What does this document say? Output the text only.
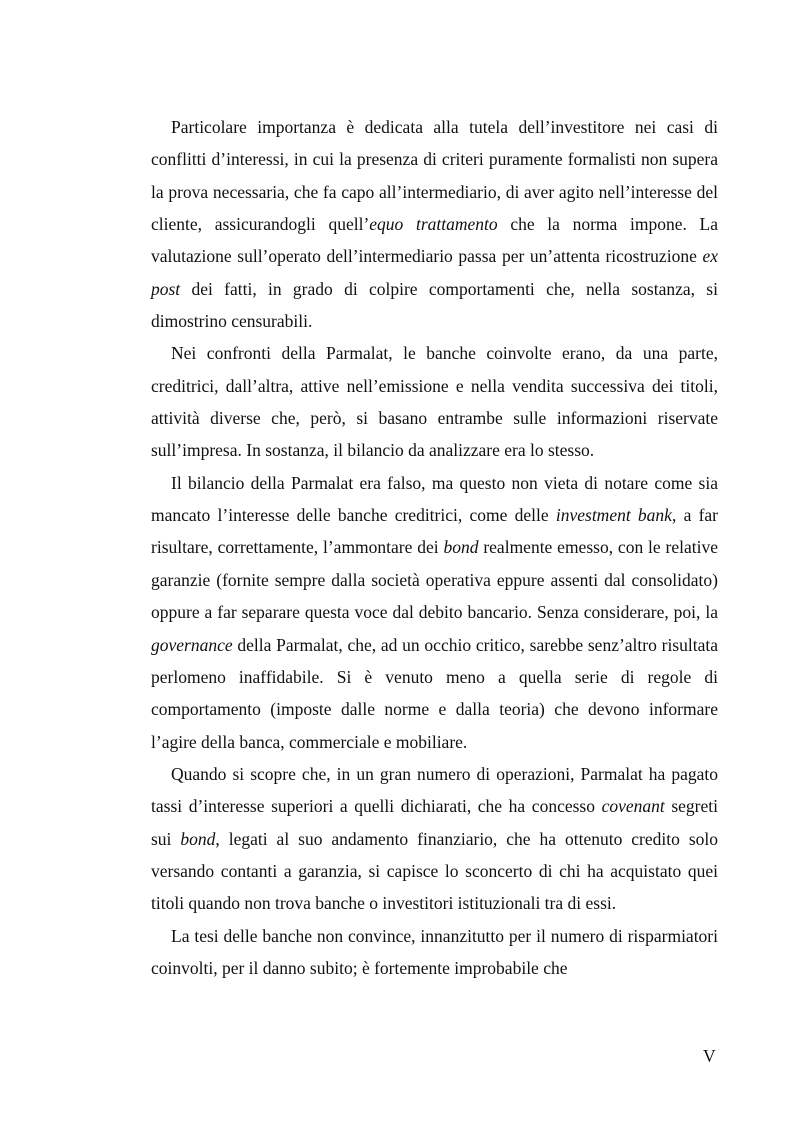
Particolare importanza è dedicata alla tutela dell’investitore nei casi di conflitti d’interessi, in cui la presenza di criteri puramente formalisti non supera la prova necessaria, che fa capo all’intermediario, di aver agito nell’interesse del cliente, assicurandogli quell’equo trattamento che la norma impone. La valutazione sull’operato dell’intermediario passa per un’attenta ricostruzione ex post dei fatti, in grado di colpire comportamenti che, nella sostanza, si dimostrino censurabili.

Nei confronti della Parmalat, le banche coinvolte erano, da una parte, creditrici, dall’altra, attive nell’emissione e nella vendita successiva dei titoli, attività diverse che, però, si basano entrambe sulle informazioni riservate sull’impresa. In sostanza, il bilancio da analizzare era lo stesso.

Il bilancio della Parmalat era falso, ma questo non vieta di notare come sia mancato l’interesse delle banche creditrici, come delle investment bank, a far risultare, correttamente, l’ammontare dei bond realmente emesso, con le relative garanzie (fornite sempre dalla società operativa eppure assenti dal consolidato) oppure a far separare questa voce dal debito bancario. Senza considerare, poi, la governance della Parmalat, che, ad un occhio critico, sarebbe senz’altro risultata perlomeno inaffidabile. Si è venuto meno a quella serie di regole di comportamento (imposte dalle norme e dalla teoria) che devono informare l’agire della banca, commerciale e mobiliare.

Quando si scopre che, in un gran numero di operazioni, Parmalat ha pagato tassi d’interesse superiori a quelli dichiarati, che ha concesso covenant segreti sui bond, legati al suo andamento finanziario, che ha ottenuto credito solo versando contanti a garanzia, si capisce lo sconcerto di chi ha acquistato quei titoli quando non trova banche o investitori istituzionali tra di essi.

La tesi delle banche non convince, innanzitutto per il numero di risparmiatori coinvolti, per il danno subito; è fortemente improbabile che

V
